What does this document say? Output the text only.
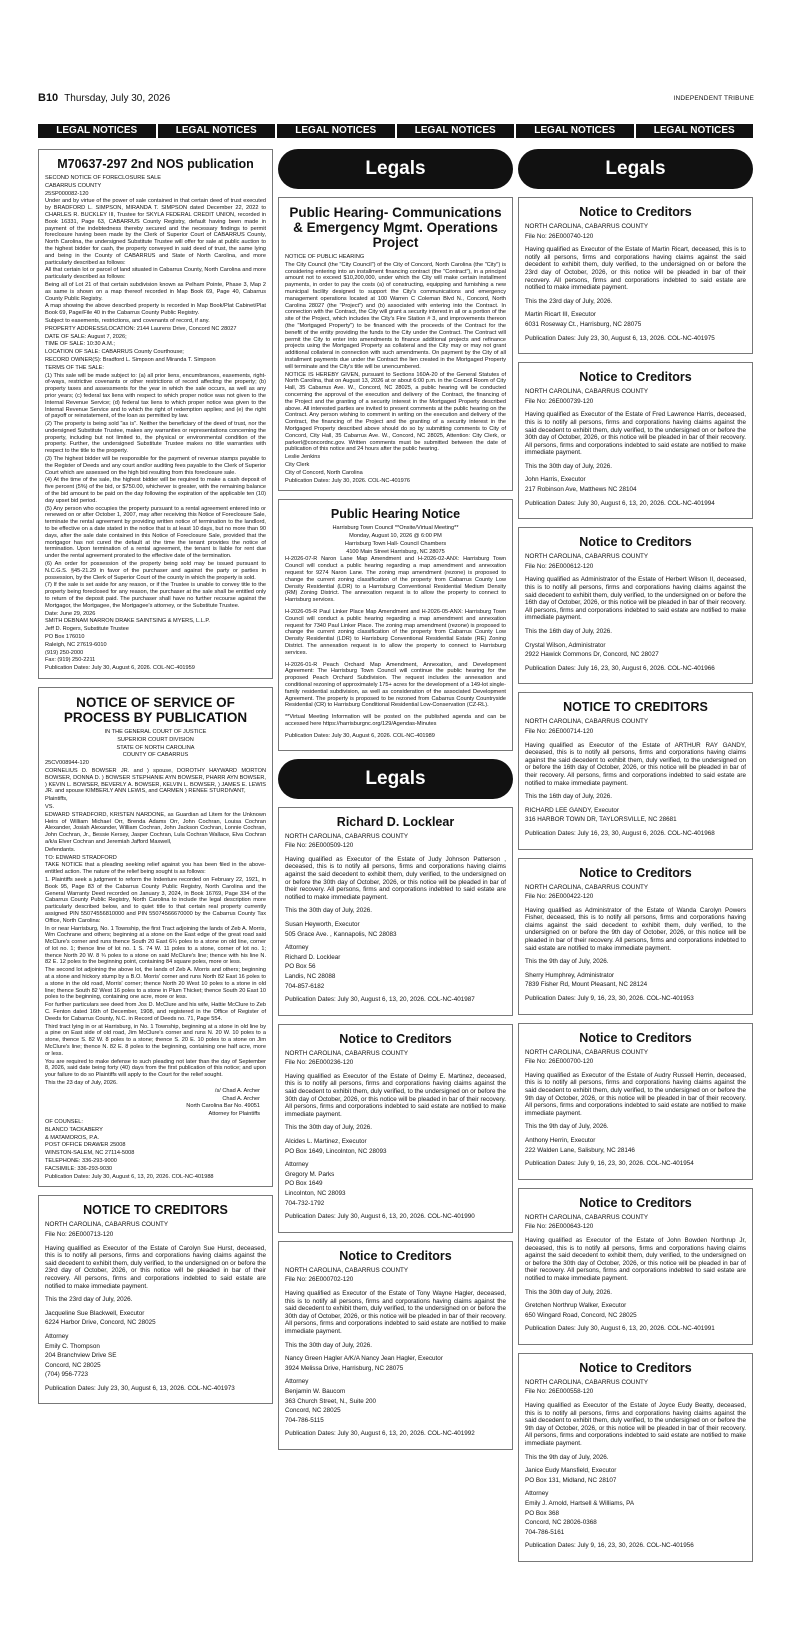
B10 Thursday, July 30, 2026	INDEPENDENT TRIBUNE
LEGAL NOTICES	LEGAL NOTICES	LEGAL NOTICES	LEGAL NOTICES	LEGAL NOTICES	LEGAL NOTICES
M70637-297 2nd NOS publication

SECOND NOTICE OF FORECLOSURE SALE

CABARRUS COUNTY

25SP000082-120

Under and by virtue of the power of sale contained in that certain deed of trust executed by BRADFORD L. SIMPSON, MIRANDA T. SIMPSON dated December 22, 2022 to CHARLES R. BUCKLEY III, Trustee for SKYLA FEDERAL CREDIT UNION, recorded in Book 16331, Page 63, CABARRUS County Registry, default having been made in payment of the indebtedness thereby secured and the necessary findings to permit foreclosure having been made by the Clerk of Superior Court of CABARRUS County, North Carolina, the undersigned Substitute Trustee will offer for sale at public auction to the highest bidder for cash, the property conveyed in said deed of trust, the same lying and being in the County of CABARRUS and State of North Carolina, and more particularly described as follows:

All that certain lot or parcel of land situated in Cabarrus County, North Carolina and more particularly described as follows:

Being all of Lot 21 of that certain subdivision known as Pelham Pointe, Phase 3, Map 2 as same is shown on a map thereof recorded in Map Book 69, Page 40, Cabarrus County Public Registry.

A map showing the above described property is recorded in Map Book/Plat Cabinet/Plat Book 69, Page/File 40 in the Cabarrus County Public Registry.

Subject to easements, restrictions, and covenants of record, if any.

PROPERTY ADDRESS/LOCATION: 2144 Laurens Drive, Concord NC 28027

DATE OF SALE: August 7, 2026;

TIME OF SALE: 10:30 A.M.;

LOCATION OF SALE: CABARRUS County Courthouse;

RECORD OWNER(S): Bradford L. Simpson and Miranda T. Simpson

TERMS OF THE SALE:

(1) This sale will be made subject to: (a) all prior liens, encumbrances, easements, right-of-ways, restrictive covenants or other restrictions of record affecting the property; (b) property taxes and assessments for the year in which the sale occurs, as well as any prior years; (c) federal tax liens with respect to which proper notice was not given to the Internal Revenue Service; (d) federal tax liens to which proper notice was given to the Internal Revenue Service and to which the right of redemption applies; and (e) the right of payoff or reinstatement, of the loan as permitted by law.

(2) The property is being sold "as is". Neither the beneficiary of the deed of trust, nor the undersigned Substitute Trustee, makes any warranties or representations concerning the property, including but not limited to, the physical or environmental condition of the property. Further, the undersigned Substitute Trustee makes no title warranties with respect to the title to the property.

(3) The highest bidder will be responsible for the payment of revenue stamps payable to the Register of Deeds and any court and/or auditing fees payable to the Clerk of Superior Court which are assessed on the high bid resulting from this foreclosure sale.

(4) At the time of the sale, the highest bidder will be required to make a cash deposit of five percent (5%) of the bid, or $750.00, whichever is greater, with the remaining balance of the bid amount to be paid on the day following the expiration of the applicable ten (10) day upset bid period.

(5) Any person who occupies the property pursuant to a rental agreement entered into or renewed on or after October 1, 2007, may after receiving this Notice of Foreclosure Sale, terminate the rental agreement by providing written notice of termination to the landlord, to be effective on a date stated in the notice that is at least 10 days, but no more than 90 days, after the sale date contained in this Notice of Foreclosure Sale, provided that the mortgagor has not cured the default at the time the tenant provides the notice of termination. Upon termination of a rental agreement, the tenant is liable for rent due under the rental agreement prorated to the effective date of the termination.

(6) An order for possession of the property being sold may be issued pursuant to N.C.G.S. §45-21.29 in favor of the purchaser and against the party or parties in possession, by the Clerk of Superior Court of the county in which the property is sold.

(7) If the sale is set aside for any reason, or if the Trustee is unable to convey title to the property being foreclosed for any reason, the purchaser at the sale shall be entitled only to return of the deposit paid. The purchaser shall have no further recourse against the Mortgagor, the Mortgagee, the Mortgagee's attorney, or the Substitute Trustee.

Date: June 29, 2026

SMITH DEBNAM NARRON DRAKE SAINTSING & MYERS, L.L.P.

Jeff D. Rogers, Substitute Trustee

PO Box 176010

Raleigh, NC 27619-6010

(919) 250-2000

Fax: (919) 250-2211

Publication Dates: July 30, August 6, 2026. COL-NC-401959

NOTICE OF SERVICE OF PROCESS BY PUBLICATION

IN THE GENERAL COURT OF JUSTICE

SUPERIOR COURT DIVISION

STATE OF NORTH CAROLINA

COUNTY OF CABARRUS

25CV008944-120

CORNELIUS D. BOWSER JR. and ) spouse, DOROTHY HAYWARD MORTON BOWSER, DONNA D. ) BOWSER STEPHANIE AYN BOWSER, PHARR AYN BOWSER, ) KEVIN L. BOWSER, BEVERLY A. BOWSER, KELVIN L. BOWSER, ) JAMES E. LEWIS JR. and spouse KIMBERLY ANN LEWIS, and CARMEN ) RENEE STURDIVANT,

Plaintiffs,

VS.

EDWARD STRADFORD, KRISTEN NARDONE, as Guardian ad Litem for the Unknown Heirs of William Michael Orr, Brenda Adams Orr, John Cochran, Louisa Cochran Alexander, Josiah Alexander, William Cochran, John Jackson Cochran, Lonnie Cochran, John Cochran, Jr., Bessie Kersey, Jasper Cochran, Lula Cochran Wallace, Elva Cochran a/k/a Elver Cochran and Jeremiah Jafford Maxwell,

Defendants.

TO: EDWARD STRADFORD

TAKE NOTICE that a pleading seeking relief against you has been filed in the above- entitled action. The nature of the relief being sought is as follows:

1. Plaintiffs seek a judgment to reform the Indenture recorded on February 22, 1921, in Book 95, Page 83 of the Cabarrus County Public Registry, North Carolina and the General Warranty Deed recorded on January 3, 2024, in Book 16769, Page 334 of the Cabarrus County Public Registry, North Carolina to include the legal description more particularly described below, and to quiet title to that certain real property currently assigned PIN 55074556810000 and PIN 55074566670000 by the Cabarrus County Tax Office, North Carolina:

In or near Harrisburg, No. 1 Township, the first Tract adjoining the lands of Zeb A. Morris, Wm Cochrane and others; beginning at a stone on the East edge of the great road said McClure's corner and runs thence South 20 East 6¼ poles to a stone on old line, corner of lot no. 1; thence line of lot no. 1 S. 74 W. 11 poles to a stone, corner of lot no. 1; thence North 20 W. 8 ¾ poles to a stone on said McClure's line; thence with his line N. 82 E. 12 poles to the beginning point, containing 84 square poles, more or less.

The second lot adjoining the above lot, the lands of Zeb A. Morris and others; beginning at a stone and hickory stump by a B.O. Morris' corner and runs North 82 East 16 poles to a stone in the old road, Morris' corner; thence North 20 West 10 poles to a stone in old line; thence South 82 West 16 poles to a stone in Plum Thicket; thence South 20 East 10 poles to the beginning, containing one acre, more or less.

For further particulars see deed from Jos D. McClure and his wife, Hattie McClure to Zeb C. Fenton dated 16th of December, 1908, and registered in the Office of Register of Deeds for Cabarrus County, N.C. in Record of Deeds no. 71, Page 554.

Third tract lying in or at Harrisburg, in No. 1 Township, beginning at a stone in old line by a pine on East side of old road, Jim McClure's corner and runs N. 20 W. 10 poles to a stone, thence S. 82 W. 8 poles to a stone; thence S. 20 E. 10 poles to a stone on Jim McClure's line; thence N. 82 E. 8 poles to the beginning, containing one half acre, more or less.

You are required to make defense to such pleading not later than the day of September 8, 2026, said date being forty (40) days from the first publication of this notice; and upon your failure to do so Plaintiffs will apply to the Court for the relief sought.

This the 23 day of July, 2026.

/s/ Chad A. Archer

Chad A. Archer

North Carolina Bar No. 49051

Attorney for Plaintiffs

OF COUNSEL:

BLANCO TACKABERY

& MATAMOROS, P.A.

POST OFFICE DRAWER 25008

WINSTON-SALEM, NC 27114-5008

TELEPHONE: 336-293-9000

FACSIMILE: 336-293-9030

Publication Dates: July 30, August 6, 13, 20, 2026. COL-NC-401988

NOTICE TO CREDITORS

NORTH CAROLINA, CABARRUS COUNTY

File No: 26E000713-120

Having qualified as Executor of the Estate of Carolyn Sue Hurst, deceased, this is to notify all persons, firms and corporations having claims against the said decedent to exhibit them, duly verified, to the undersigned on or before the 23rd day of October, 2026, or this notice will be pleaded in bar of their recovery. All persons, firms and corporations indebted to said estate are notified to make immediate payment.

This the 23rd day of July, 2026.

Jacqueline Sue Blackwell, Executor

6224 Harbor Drive, Concord, NC 28025

Attorney

Emily C. Thompson

204 Branchview Drive SE

Concord, NC 28025

(704) 956-7723

Publication Dates: July 23, 30, August 6, 13, 2026. COL-NC-401973

Legals
Public Hearing- Communications & Emergency Mgmt. Operations Project

NOTICE OF PUBLIC HEARING

The City Council (the "City Council") of the City of Concord, North Carolina (the "City") is considering entering into an installment financing contract (the "Contract"), in a principal amount not to exceed $10,200,000, under which the City will make certain installment payments, in order to pay the costs (a) of constructing, equipping and furnishing a new municipal facility designed to support the City's communications and emergency management operations located at 100 Warren C Coleman Blvd N., Concord, North Carolina 28027 (the "Project") and (b) associated with entering into the Contract. In connection with the Contract, the City will grant a security interest in all or a portion of the site of the Project, which includes the City's Fire Station # 3, and improvements thereon (the "Mortgaged Property") to be financed with the proceeds of the Contract for the benefit of the entity providing the funds to the City under the Contract. The Contract will permit the City to enter into amendments to finance additional projects and refinance projects using the Mortgaged Property as collateral and the City may or may not grant additional collateral in connection with such amendments. On payment by the City of all installment payments due under the Contract the lien created in the Mortgaged Property will terminate and the City's title will be unencumbered.

NOTICE IS HEREBY GIVEN, pursuant to Sections 160A-20 of the General Statutes of North Carolina, that on August 13, 2026 at or about 6:00 p.m. in the Council Room of City Hall, 35 Cabarrus Ave. W., Concord, NC 28025, a public hearing will be conducted concerning the approval of the execution and delivery of the Contract, the financing of the Project and the granting of a security interest in the Mortgaged Property described above. All interested parties are invited to present comments at the public hearing on the Contract. Any person wishing to comment in writing on the execution and delivery of the Contract, the financing of the Project and the granting of a security interest in the Mortgaged Property described above should do so by submitting comments to City of Concord, City Hall, 35 Cabarrus Ave. W., Concord, NC 28025, Attention: City Clerk, or parkerl@concordnc.gov. Written comments must be submitted between the date of publication of this notice and 24 hours after the public hearing.

Leslie Jenkins

City Clerk

City of Concord, North Carolina

Publication Dates: July 30, 2026. COL-NC-401976

Public Hearing Notice

Harrisburg Town Council **Onsite/Virtual Meeting**

Monday, August 10, 2026 @ 6:00 PM

Harrisburg Town Hall- Council Chambers

4100 Main Street Harrisburg, NC 28075

H-2026-07-R Naron Lane Map Amendment and H-2026-02-ANX: Harrisburg Town Council will conduct a public hearing regarding a map amendment and annexation request for 9274 Naron Lane. The zoning map amendment (rezone) is proposed to change the current zoning classification of the property from Cabarrus County Low Density Residential (LDR) to a Harrisburg Conventional Residential Medium Density (RM) Zoning District. The annexation request is to allow the property to connect to Harrisburg services.

H-2026-05-R Paul Linker Place Map Amendment and H-2026-05-ANX: Harrisburg Town Council will conduct a public hearing regarding a map amendment and annexation request for 7340 Paul Linker Place. The zoning map amendment (rezone) is proposed to change the current zoning classification of the property from Cabarrus County Low Density Residential (LDR) to Harrisburg Conventional Residential Estate (RE) Zoning District. The annexation request is to allow the property to connect to Harrisburg services.

H-2026-01-R Peach Orchard Map Amendment, Annexation, and Development Agreement: The Harrisburg Town Council will continue the public hearing for the proposed Peach Orchard Subdivision. The request includes the annexation and conditional rezoning of approximately 175+ acres for the development of a 149-lot single-family residential subdivision, as well as consideration of the associated Development Agreement. The property is proposed to be rezoned from Cabarrus County Countryside Residential (CR) to Harrisburg Conditional Residential Low-Conservation (CZ-RL).

**Virtual Meeting Information will be posted on the published agenda and can be accessed here https://harrisburgnc.org/129/Agendas-Minutes

Publication Dates: July 30, August 6, 2026. COL-NC-401989

Legals
Richard D. Locklear

NORTH CAROLINA, CABARRUS COUNTY

File No: 26E000509-120

Having qualified as Executor of the Estate of Judy Johnson Patterson , deceased, this is to notify all persons, firms and corporations having claims against the said decedent to exhibit them, duly verified, to the undersigned on or before the 30th day of October, 2026, or this notice will be pleaded in bar of their recovery. All persons, firms and corporations indebted to said estate are notified to make immediate payment.

This the 30th day of July, 2026.

Susan Heyworth, Executor

505 Grace Ave. , Kannapolis, NC 28083

Attorney

Richard D. Locklear

PO Box 56

Landis, NC 28088

704-857-6182

Publication Dates: July 30, August 6, 13, 20, 2026. COL-NC-401987

Notice to Creditors

NORTH CAROLINA, CABARRUS COUNTY

File No: 26E000236-120

Having qualified as Executor of the Estate of Delmy E. Martinez, deceased, this is to notify all persons, firms and corporations having claims against the said decedent to exhibit them, duly verified, to the undersigned on or before the 30th day of October, 2026, or this notice will be pleaded in bar of their recovery. All persons, firms and corporations indebted to said estate are notified to make immediate payment.

This the 30th day of July, 2026.

Alcides L. Martinez, Executor

PO Box 1649, Lincolnton, NC 28093

Attorney

Gregory M. Parks

PO Box 1649

Lincolnton, NC 28093

704-732-1792

Publication Dates: July 30, August 6, 13, 20, 2026. COL-NC-401990

Notice to Creditors

NORTH CAROLINA, CABARRUS COUNTY

File No: 26E000702-120

Having qualified as Executor of the Estate of Tony Wayne Hagler, deceased, this is to notify all persons, firms and corporations having claims against the said decedent to exhibit them, duly verified, to the undersigned on or before the 30th day of October, 2026, or this notice will be pleaded in bar of their recovery. All persons, firms and corporations indebted to said estate are notified to make immediate payment.

This the 30th day of July, 2026.

Nancy Green Hagler A/K/A Nancy Jean Hagler, Executor

3924 Melissa Drive, Harrisburg, NC 28075

Attorney

Benjamin W. Baucom

363 Church Street, N., Suite 200

Concord, NC 28025

704-786-5115

Publication Dates: July 30, August 6, 13, 20, 2026. COL-NC-401992

Legals
Notice to Creditors

NORTH CAROLINA, CABARRUS COUNTY

File No: 26E000740-120

Having qualified as Executor of the Estate of Martin Ricart, deceased, this is to notify all persons, firms and corporations having claims against the said decedent to exhibit them, duly verified, to the undersigned on or before the 23rd day of October, 2026, or this notice will be pleaded in bar of their recovery. All persons, firms and corporations indebted to said estate are notified to make immediate payment.

This the 23rd day of July, 2026.

Martin Ricart III, Executor

6031 Roseway Ct., Harrisburg, NC 28075

Publication Dates: July 23, 30, August 6, 13, 2026. COL-NC-401975

Notice to Creditors

NORTH CAROLINA, CABARRUS COUNTY

File No: 26E000739-120

Having qualified as Executor of the Estate of Fred Lawrence Harris, deceased, this is to notify all persons, firms and corporations having claims against the said decedent to exhibit them, duly verified, to the undersigned on or before the 30th day of October, 2026, or this notice will be pleaded in bar of their recovery. All persons, firms and corporations indebted to said estate are notified to make immediate payment.

This the 30th day of July, 2026.

John Harris, Executor

217 Robinson Ave, Matthews NC 28104

Publication Dates: July 30, August 6, 13, 20, 2026. COL-NC-401994

Notice to Creditors

NORTH CAROLINA, CABARRUS COUNTY

File No: 26E000612-120

Having qualified as Administrator of the Estate of Herbert Wilson II, deceased, this is to notify all persons, firms and corporations having claims against the said decedent to exhibit them, duly verified, to the undersigned on or before the 16th day of October, 2026, or this notice will be pleaded in bar of their recovery. All persons, firms and corporations indebted to said estate are notified to make immediate payment.

This the 16th day of July, 2026.

Crystal Wilson, Administrator

2922 Hawick Commons Dr, Concord, NC 28027

Publication Dates: July 16, 23, 30, August 6, 2026. COL-NC-401966

NOTICE TO CREDITORS

NORTH CAROLINA, CABARRUS COUNTY

File No: 26E000714-120

Having qualified as Executor of the Estate of ARTHUR RAY GANDY, deceased, this is to notify all persons, firms and corporations having claims against the said decedent to exhibit them, duly verified, to the undersigned on or before the 16th day of October, 2026, or this notice will be pleaded in bar of their recovery. All persons, firms and corporations indebted to said estate are notified to make immediate payment.

This the 16th day of July, 2026.

RICHARD LEE GANDY, Executor

316 HARBOR TOWN DR, TAYLORSVILLE, NC 28681

Publication Dates: July 16, 23, 30, August 6, 2026. COL-NC-401968

Notice to Creditors

NORTH CAROLINA, CABARRUS COUNTY

File No: 26E000422-120

Having qualified as Administrator of the Estate of Wanda Carolyn Powers Fisher, deceased, this is to notify all persons, firms and corporations having claims against the said decedent to exhibit them, duly verified, to the undersigned on or before the 9th day of October, 2026, or this notice will be pleaded in bar of their recovery. All persons, firms and corporations indebted to said estate are notified to make immediate payment.

This the 9th day of July, 2026.

Sherry Humphrey, Administrator

7839 Fisher Rd, Mount Pleasant, NC 28124

Publication Dates: July 9, 16, 23, 30, 2026. COL-NC-401953

Notice to Creditors

NORTH CAROLINA, CABARRUS COUNTY

File No: 26E000700-120

Having qualified as Executor of the Estate of Audry Russell Herrin, deceased, this is to notify all persons, firms and corporations having claims against the said decedent to exhibit them, duly verified, to the undersigned on or before the 9th day of October, 2026, or this notice will be pleaded in bar of their recovery. All persons, firms and corporations indebted to said estate are notified to make immediate payment.

This the 9th day of July, 2026.

Anthony Herrin, Executor

222 Walden Lane, Salisbury, NC 28146

Publication Dates: July 9, 16, 23, 30, 2026. COL-NC-401954

Notice to Creditors

NORTH CAROLINA, CABARRUS COUNTY

File No: 26E000643-120

Having qualified as Executor of the Estate of John Bowden Northrup Jr, deceased, this is to notify all persons, firms and corporations having claims against the said decedent to exhibit them, duly verified, to the undersigned on or before the 30th day of October, 2026, or this notice will be pleaded in bar of their recovery. All persons, firms and corporations indebted to said estate are notified to make immediate payment.

This the 30th day of July, 2026.

Gretchen Northrup Walker, Executor

650 Wingard Road, Concord, NC 28025

Publication Dates: July 30, August 6, 13, 20, 2026. COL-NC-401991

Notice to Creditors

NORTH CAROLINA, CABARRUS COUNTY

File No: 26E000558-120

Having qualified as Executor of the Estate of Joyce Eudy Beatty, deceased, this is to notify all persons, firms and corporations having claims against the said decedent to exhibit them, duly verified, to the undersigned on or before the 9th day of October, 2026, or this notice will be pleaded in bar of their recovery. All persons, firms and corporations indebted to said estate are notified to make immediate payment.

This the 9th day of July, 2026.

Janice Eudy Mansfield, Executor

PO Box 131, Midland, NC 28107

Attorney

Emily J. Arnold, Hartsell & Williams, PA

PO Box 368

Concord, NC 28026-0368

704-786-5161

Publication Dates: July 9, 16, 23, 30, 2026. COL-NC-401956
